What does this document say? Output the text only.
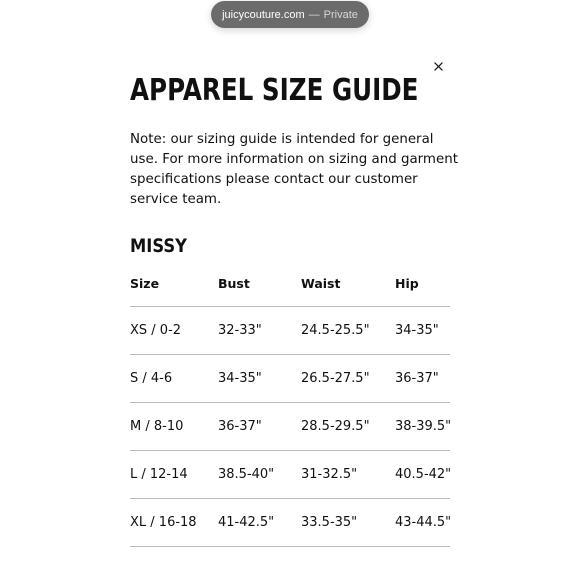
juicycouture.com — Private
APPAREL SIZE GUIDE

Note: our sizing guide is intended for general use. For more information on sizing and garment specifications please contact our customer service team.

MISSY
Size	Bust	Waist	Hip
XS / 0-2	32-33"	24.5-25.5"	34-35"
S / 4-6	34-35"	26.5-27.5"	36-37"
M / 8-10	36-37"	28.5-29.5"	38-39.5"
L / 12-14	38.5-40"	31-32.5"	40.5-42"
XL / 16-18	41-42.5"	33.5-35"	43-44.5"
